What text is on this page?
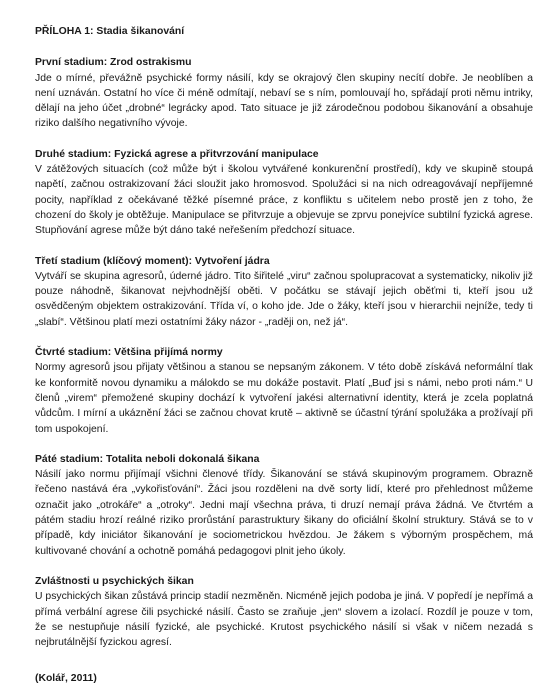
PŘÍLOHA 1: Stadia šikanování
První stadium: Zrod ostrakismu
Jde o mírné, převážně psychické formy násilí, kdy se okrajový člen skupiny necítí dobře. Je neoblíben a není uznáván. Ostatní ho více či méně odmítají, nebaví se s ním, pomlouvají ho, spřádají proti němu intriky, dělají na jeho účet „drobné“ legrácky apod. Tato situace je již zárodečnou podobou šikanování a obsahuje riziko dalšího negativního vývoje.
Druhé stadium: Fyzická agrese a přitvrzování manipulace
V zátěžových situacích (což může být i školou vytvářené konkurenční prostředí), kdy ve skupině stoupá napětí, začnou ostrakizovaní žáci sloužit jako hromosvod. Spolužáci si na nich odreagovávají nepříjemné pocity, například z očekávané těžké písemné práce, z konfliktu s učitelem nebo prostě jen z toho, že chození do školy je obtěžuje. Manipulace se přitvrzuje a objevuje se zprvu ponejvíce subtilní fyzická agrese. Stupňování agrese může být dáno také neřešením předchozí situace.
Třetí stadium (klíčový moment): Vytvoření jádra
Vytváří se skupina agresorů, úderné jádro. Tito šiřitelé „viru“ začnou spolupracovat a systematicky, nikoliv již pouze náhodně, šikanovat nejvhodnější oběti. V počátku se stávají jejich oběťmi ti, kteří jsou už osvědčeným objektem ostrakizování. Třída ví, o koho jde. Jde o žáky, kteří jsou v hierarchii nejníže, tedy ti „slabí“. Většinou platí mezi ostatními žáky názor - „raději on, než já“.
Čtvrté stadium: Většina přijímá normy
Normy agresorů jsou přijaty většinou a stanou se nepsaným zákonem. V této době získává neformální tlak ke konformitě novou dynamiku a málokdo se mu dokáže postavit. Platí „Buď jsi s námi, nebo proti nám.“ U členů „virem“ přemožené skupiny dochází k vytvoření jakési alternativní identity, která je zcela poplatná vůdcům. I mírní a ukáznění žáci se začnou chovat krutě – aktivně se účastní týrání spolužáka a prožívají při tom uspokojení.
Páté stadium: Totalita neboli dokonalá šikana
Násilí jako normu přijímají všichni členové třídy. Šikanování se stává skupinovým programem. Obrazně řečeno nastává éra „vykořisťování“. Žáci jsou rozděleni na dvě sorty lidí, které pro přehlednost můžeme označit jako „otrokáře“ a „otroky“. Jedni mají všechna práva, ti druzí nemají práva žádná. Ve čtvrtém a pátém stadiu hrozí reálné riziko prorůstání parastruktury šikany do oficiální školní struktury. Stává se to v případě, kdy iniciátor šikanování je sociometrickou hvězdou. Je žákem s výborným prospěchem, má kultivované chování a ochotně pomáhá pedagogovi plnit jeho úkoly.
Zvláštnosti u psychických šikan
U psychických šikan zůstává princip stadií nezměněn. Nicméně jejich podoba je jiná. V popředí je nepřímá a přímá verbální agrese čili psychické násilí. Často se zraňuje „jen“ slovem a izolací. Rozdíl je pouze v tom, že se nestupňuje násilí fyzické, ale psychické. Krutost psychického násilí si však v ničem nezadá s nejbrutálnější fyzickou agresí.
(Kolář, 2011)
